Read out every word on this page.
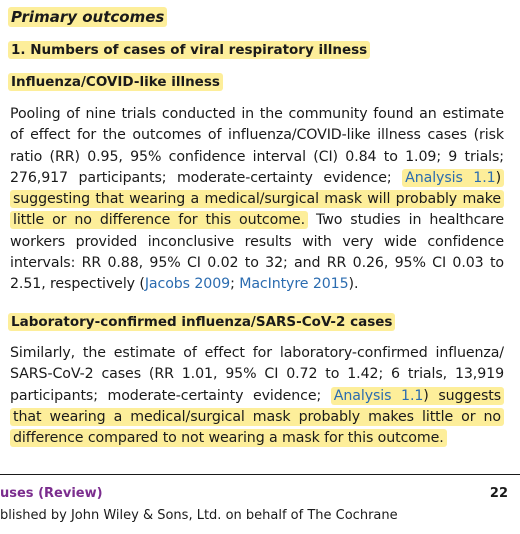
Primary outcomes
1. Numbers of cases of viral respiratory illness
Influenza/COVID-like illness

Pooling of nine trials conducted in the community found an estimate of effect for the outcomes of influenza/COVID-like illness cases (risk ratio (RR) 0.95, 95% confidence interval (CI) 0.84 to 1.09; 9 trials; 276,917 participants; moderate-certainty evidence; Analysis 1.1) suggesting that wearing a medical/surgical mask will probably make little or no difference for this outcome. Two studies in healthcare workers provided inconclusive results with very wide confidence intervals: RR 0.88, 95% CI 0.02 to 32; and RR 0.26, 95% CI 0.03 to 2.51, respectively (Jacobs 2009; MacIntyre 2015).

Laboratory-confirmed influenza/SARS-CoV-2 cases

Similarly, the estimate of effect for laboratory-confirmed influenza/ SARS-CoV-2 cases (RR 1.01, 95% CI 0.72 to 1.42; 6 trials, 13,919 participants; moderate-certainty evidence; Analysis 1.1) suggests that wearing a medical/surgical mask probably makes little or no difference compared to not wearing a mask for this outcome.

uses (Review)	22
blished by John Wiley & Sons, Ltd. on behalf of The Cochrane
